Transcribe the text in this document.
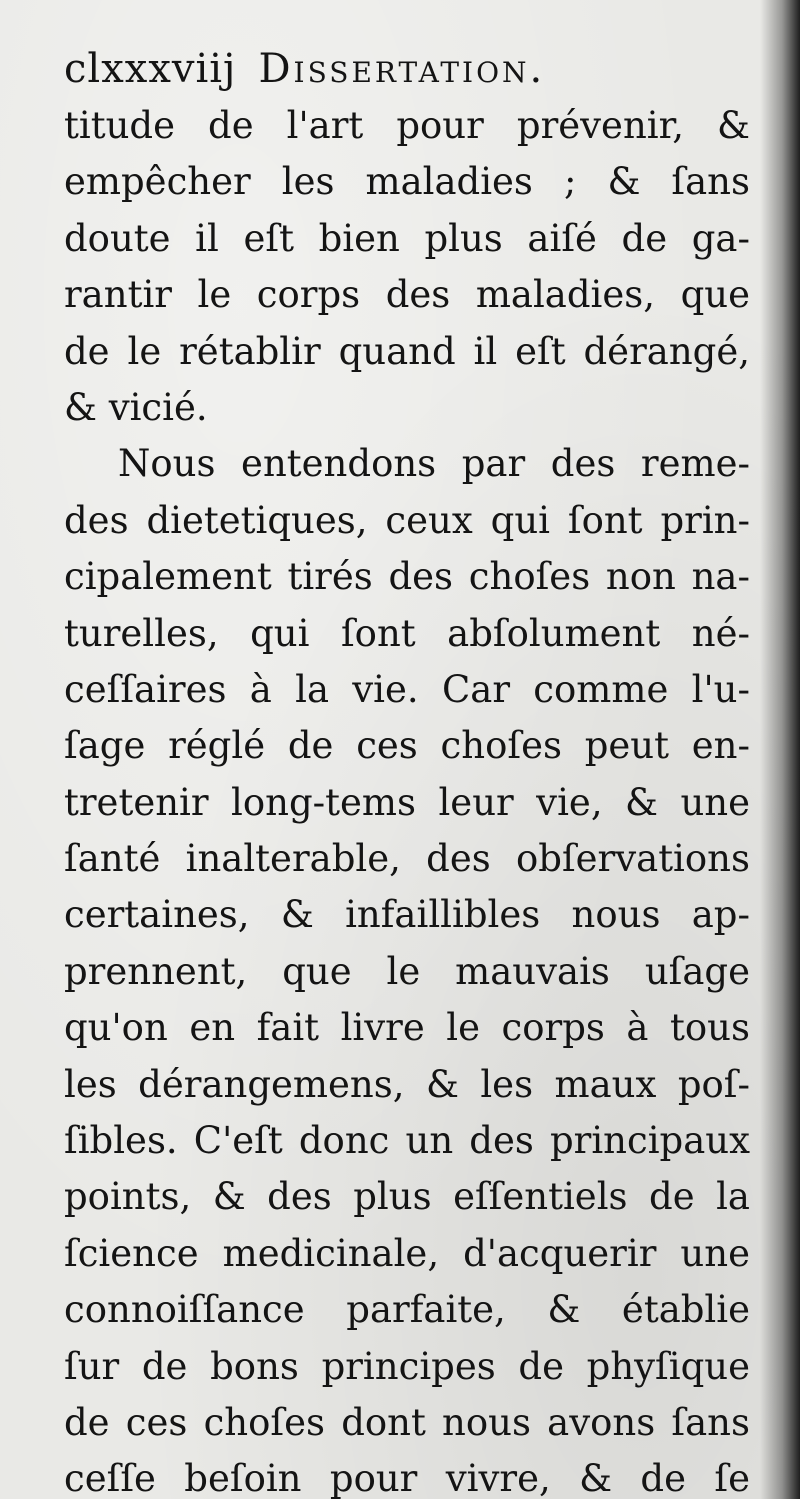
clxxxviij Dissertation.
titude de l'art pour prévenir, &
empêcher les maladies ; & ſans
doute il eſt bien plus aiſé de ga-
rantir le corps des maladies, que
de le rétablir quand il eſt dérangé,
& vicié.
Nous entendons par des reme-
des dietetiques, ceux qui ſont prin-
cipalement tirés des choſes non na-
turelles, qui ſont abſolument né-
ceſſaires à la vie. Car comme l'u-
ſage réglé de ces choſes peut en-
tretenir long-tems leur vie, & une
ſanté inalterable, des obſervations
certaines, & infaillibles nous ap-
prennent, que le mauvais uſage
qu'on en fait livre le corps à tous
les dérangemens, & les maux poſ-
ſibles. C'eſt donc un des principaux
points, & des plus eſſentiels de la
ſcience medicinale, d'acquerir une
connoiſſance parfaite, & établie
ſur de bons principes de phyſique
de ces choſes dont nous avons ſans
ceſſe beſoin pour vivre, & de ſe
